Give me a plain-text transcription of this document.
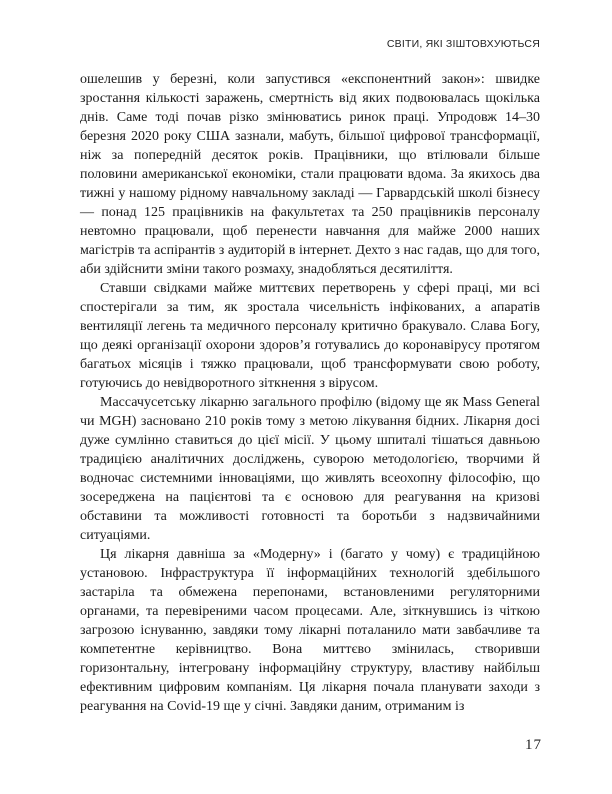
СВІТИ, ЯКІ ЗІШТОВХУЮТЬСЯ

ошелешив у березні, коли запустився «експонентний закон»: швидке зростання кількості заражень, смертність від яких подвоювалась щокілька днів. Саме тоді почав різко змінюватись ринок праці. Упродовж 14–30 березня 2020 року США зазнали, мабуть, більшої цифрової трансформації, ніж за попередній десяток років. Працівники, що втілювали більше половини американської економіки, стали працювати вдома. За якихось два тижні у нашому рідному навчальному закладі — Гарвардській школі бізнесу — понад 125 працівників на факультетах та 250 працівників персоналу невтомно працювали, щоб перенести навчання для майже 2000 наших магістрів та аспірантів з аудиторій в інтернет. Дехто з нас гадав, що для того, аби здійснити зміни такого розмаху, знадобляться десятиліття.

Ставши свідками майже миттєвих перетворень у сфері праці, ми всі спостерігали за тим, як зростала чисельність інфікованих, а апаратів вентиляції легень та медичного персоналу критично бракувало. Слава Богу, що деякі організації охорони здоров’я готувались до коронавірусу протягом багатьох місяців і тяжко працювали, щоб трансформувати свою роботу, готуючись до невідворотного зіткнення з вірусом.

Массачусетську лікарню загального профілю (відому ще як Mass General чи MGH) засновано 210 років тому з метою лікування бідних. Лікарня досі дуже сумлінно ставиться до цієї місії. У цьому шпиталі тішаться давньою традицією аналітичних досліджень, суворою методологією, творчими й водночас системними інноваціями, що живлять всеохопну філософію, що зосереджена на пацієнтові та є основою для реагування на кризові обставини та можливості готовності та боротьби з надзвичайними ситуаціями.

Ця лікарня давніша за «Модерну» і (багато у чому) є традиційною установою. Інфраструктура її інформаційних технологій здебільшого застаріла та обмежена перепонами, встановленими регуляторними органами, та перевіреними часом процесами. Але, зіткнувшись із чіткою загрозою існуванню, завдяки тому лікарні поталанило мати завбачливе та компетентне керівництво. Вона миттєво змінилась, створивши горизонтальну, інтегровану інформаційну структуру, властиву найбільш ефективним цифровим компаніям. Ця лікарня почала планувати заходи з реагування на Covid-19 ще у січні. Завдяки даним, отриманим із

17
